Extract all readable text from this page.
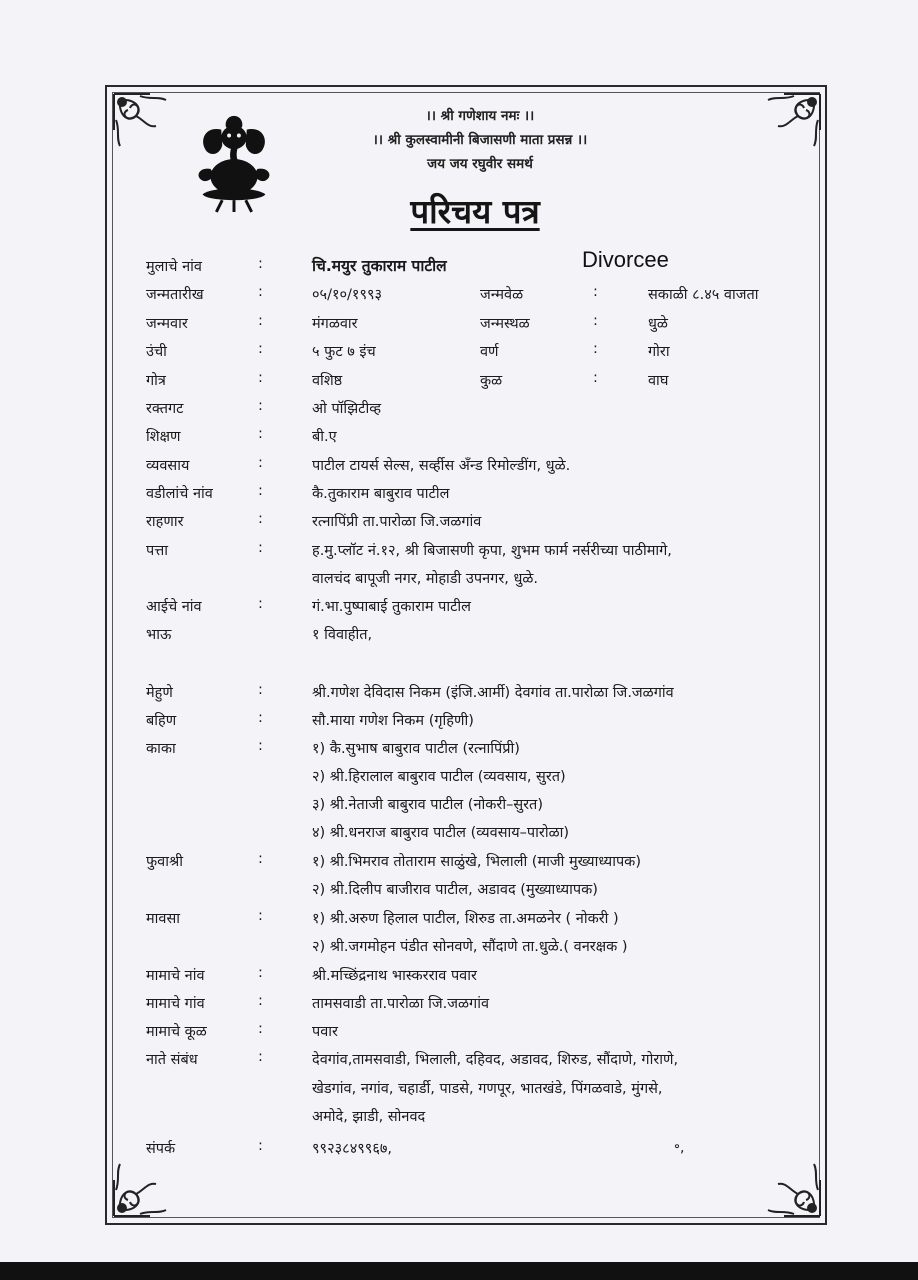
।। श्री गणेशाय नमः ।।
।। श्री कुलस्वामीनी बिजासणी माता प्रसन्न ।।
जय जय रघुवीर समर्थ
परिचय पत्र
Divorcee
मुलाचे नांव	:	चि.मयुर तुकाराम पाटील
जन्मतारीख	:	०५/१०/१९९३	जन्मवेळ	:	सकाळी ८.४५ वाजता
जन्मवार	:	मंगळवार	जन्मस्थळ	:	धुळे
उंची	:	५ फुट ७ इंच	वर्ण	:	गोरा
गोत्र	:	वशिष्ठ	कुळ	:	वाघ
रक्तगट	:	ओ पॉझिटीव्ह
शिक्षण	:	बी.ए
व्यवसाय	:	पाटील टायर्स सेल्स, सर्व्हीस अँन्ड रिमोल्डींग, धुळे.
वडीलांचे नांव	:	कै.तुकाराम बाबुराव पाटील
राहणार	:	रत्नापिंप्री ता.पारोळा जि.जळगांव
पत्ता	:	ह.मु.प्लॉट नं.१२, श्री बिजासणी कृपा, शुभम फार्म नर्सरीच्या पाठीमागे,
वालचंद बापूजी नगर, मोहाडी उपनगर, धुळे.
आईचे नांव	:	गं.भा.पुष्पाबाई तुकाराम पाटील
भाऊ	१ विवाहीत,
मेहुणे	:	श्री.गणेश देविदास निकम (इंजि.आर्मी) देवगांव ता.पारोळा जि.जळगांव
बहिण	:	सौ.माया गणेश निकम (गृहिणी)
काका	:	१) कै.सुभाष बाबुराव पाटील (रत्नापिंप्री)
२) श्री.हिरालाल बाबुराव पाटील (व्यवसाय, सुरत)
३) श्री.नेताजी बाबुराव पाटील (नोकरी–सुरत)
४) श्री.धनराज बाबुराव पाटील (व्यवसाय–पारोळा)
फुवाश्री	:	१) श्री.भिमराव तोताराम साळुंखे, भिलाली (माजी मुख्याध्यापक)
२) श्री.दिलीप बाजीराव पाटील, अडावद (मुख्याध्यापक)
मावसा	:	१) श्री.अरुण हिलाल पाटील, शिरुड ता.अमळनेर ( नोकरी )
२) श्री.जगमोहन पंडीत सोनवणे, सौंदाणे ता.धुळे.( वनरक्षक )
मामाचे नांव	:	श्री.मच्छिंद्रनाथ भास्करराव पवार
मामाचे गांव	:	तामसवाडी ता.पारोळा जि.जळगांव
मामाचे कूळ	:	पवार
नाते संबंध	:	देवगांव,तामसवाडी, भिलाली, दहिवद, अडावद, शिरुड, सौंदाणे, गोराणे,
खेडगांव, नगांव, चहार्डी, पाडसे, गणपूर, भातखंडे, पिंगळवाडे, मुंगसे,
अमोदे, झाडी, सोनवद
संपर्क	:	९९२३८४९९६७,	॰,
